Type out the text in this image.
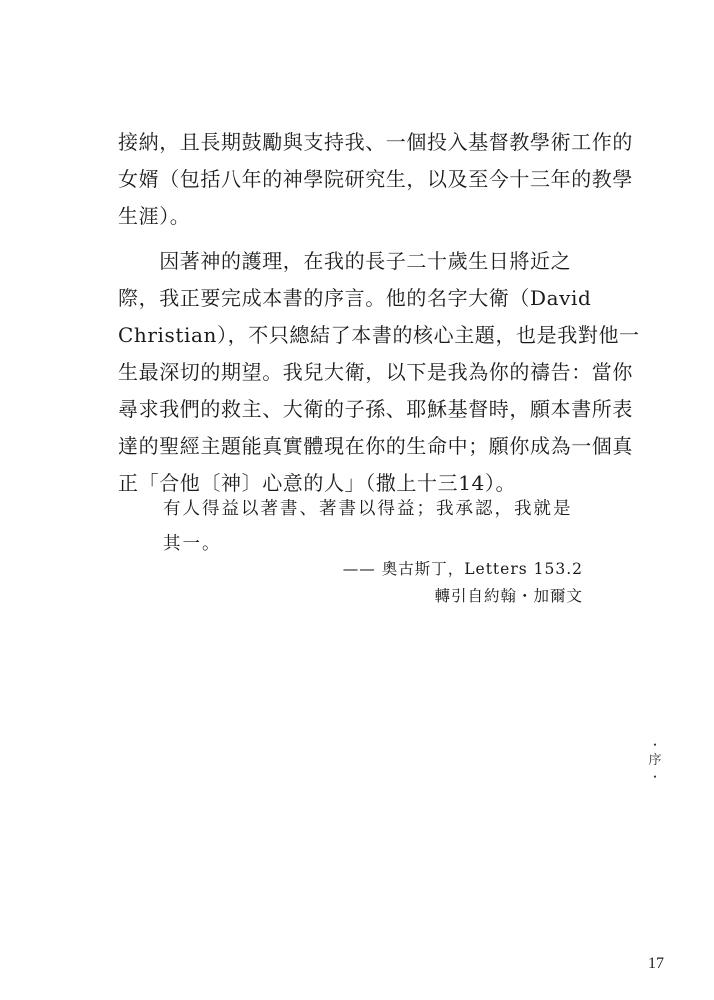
接納，且長期鼓勵與支持我、一個投入基督教學術工作的
女婿（包括八年的神學院研究生，以及至今十三年的教學
生涯）。
　　因著神的護理，在我的長子二十歲生日將近之
際，我正要完成本書的序言。他的名字大衛（David
Christian），不只總結了本書的核心主題，也是我對他一
生最深切的期望。我兒大衛，以下是我為你的禱告：當你
尋求我們的救主、大衛的子孫、耶穌基督時，願本書所表
達的聖經主題能真實體現在你的生命中；願你成為一個真
正「合他〔神〕心意的人」（撒上十三14）。
有人得益以著書、著書以得益；我承認，我就是
其一。
—— 奧古斯丁，Letters 153.2
轉引自約翰・加爾文
・
序
・
17
